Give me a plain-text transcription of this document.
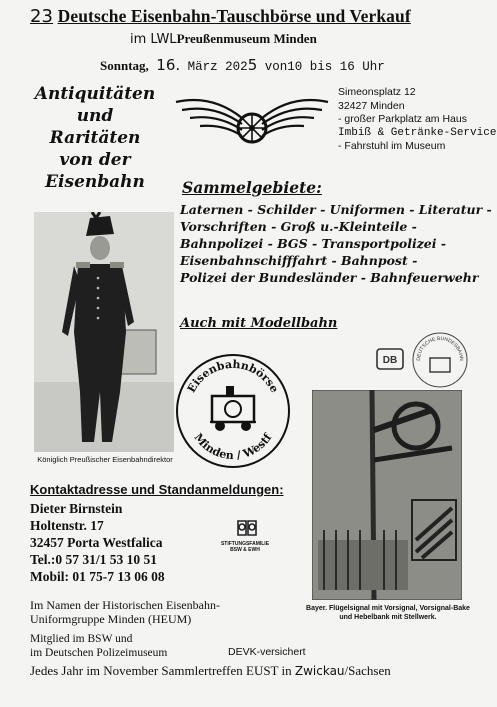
23 Deutsche Eisenbahn-Tauschbörse und Verkauf
im LWLPreußenmuseum Minden
Sonntag, 16. März 2025 von10 bis 16 Uhr
Antiquitäten
und
Raritäten
von der
Eisenbahn
Simeonsplatz 12
32427 Minden
- großer Parkplatz am Haus
Imbiß & Getränke-Service
- Fahrstuhl im Museum
Königlich Preußischer Eisenbahndirektor
Sammelgebiete:
Laternen - Schilder - Uniformen - Literatur -
Vorschriften - Groß u.-Kleinteile -
Bahnpolizei - BGS - Transportpolizei -
Eisenbahnschifffahrt - Bahnpost -
Polizei der Bundesländer - Bahnfeuerwehr
Auch mit Modellbahn
Eisenbahnbörse
Minden / Westf
DB	DEUTSCHE BUNDESBAHN
Bayer. Flügelsignal mit Vorsignal, Vorsignal-Bake und Hebelbank mit Stellwerk.
Kontaktadresse und Standanmeldungen:
Dieter Birnstein
Holtenstr. 17
32457 Porta Westfalica
Tel.:0 57 31/1 53 10 51
Mobil: 01 75-7 13 06 08
STIFTUNGSFAMILIE
BSW & EWH
Im Namen der Historischen Eisenbahn-
Uniformgruppe Minden (HEUM)
Mitglied im BSW und
im Deutschen Polizeimuseum	DEVK-versichert
Jedes Jahr im November Sammlertreffen EUST in Zwickau/Sachsen
